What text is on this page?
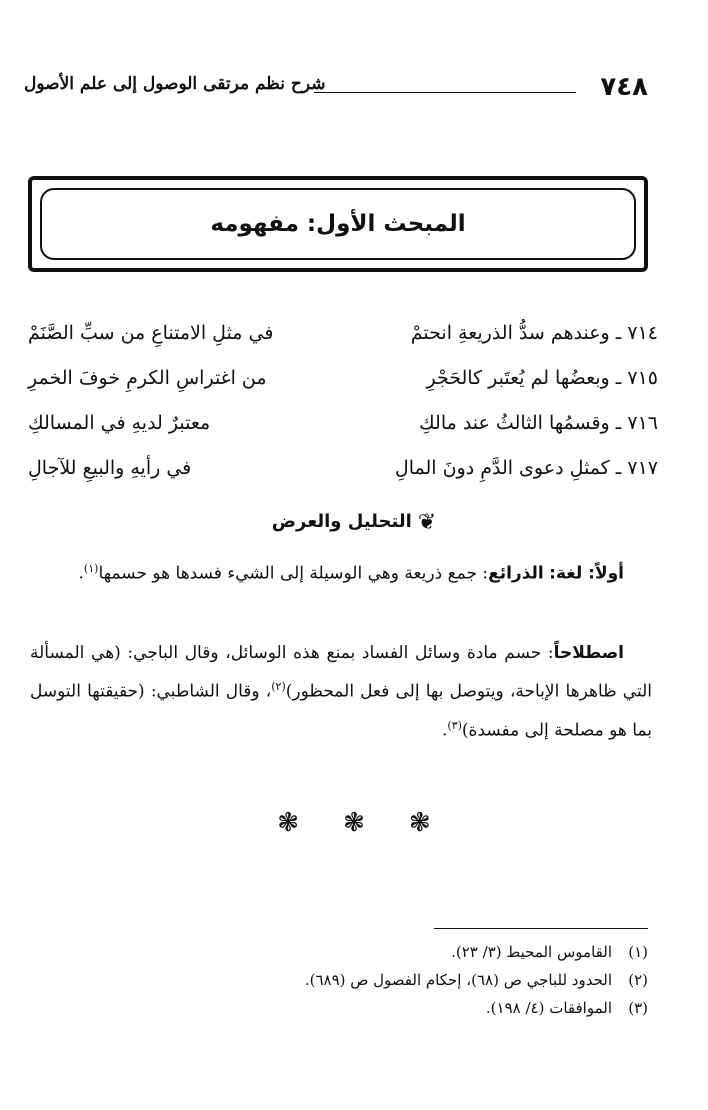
٧٤٨
شرح نظم مرتقى الوصول إلى علم الأصول
المبحث الأول: مفهومه
٧١٤ ـ وعندهم سدُّ الذريعةِ انحتمْ
في مثلِ الامتناعِ من سبِّ الصَّنَمْ
٧١٥ ـ وبعضُها لم يُعتَبر كالحَجْرِ
من اغتراسِ الكرمِ خوفَ الخمرِ
٧١٦ ـ وقسمُها الثالثُ عند مالكِ
معتبرٌ لديهِ في المسالكِ
٧١٧ ـ كمثلِ دعوى الدَّمِ دونَ المالِ
في رأيهِ والبيعِ للآجالِ
❦التحليل والعرض
أولاً: لغة: الذرائع: جمع ذريعة وهي الوسيلة إلى الشيء فسدها هو حسمها$^{(١)}$.
اصطلاحاً: حسم مادة وسائل الفساد بمنع هذه الوسائل، وقال الباجي: (هي المسألة التي ظاهرها الإباحة، ويتوصل بها إلى فعل المحظور)$^{(٢)}$، وقال الشاطبي: (حقيقتها التوسل بما هو مصلحة إلى مفسدة)$^{(٣)}$.
❃ ❃ ❃
(١)القاموس المحيط (٣/ ٢٣).
(٢)الحدود للباجي ص (٦٨)، إحكام الفصول ص (٦٨٩).
(٣)الموافقات (٤/ ١٩٨).
